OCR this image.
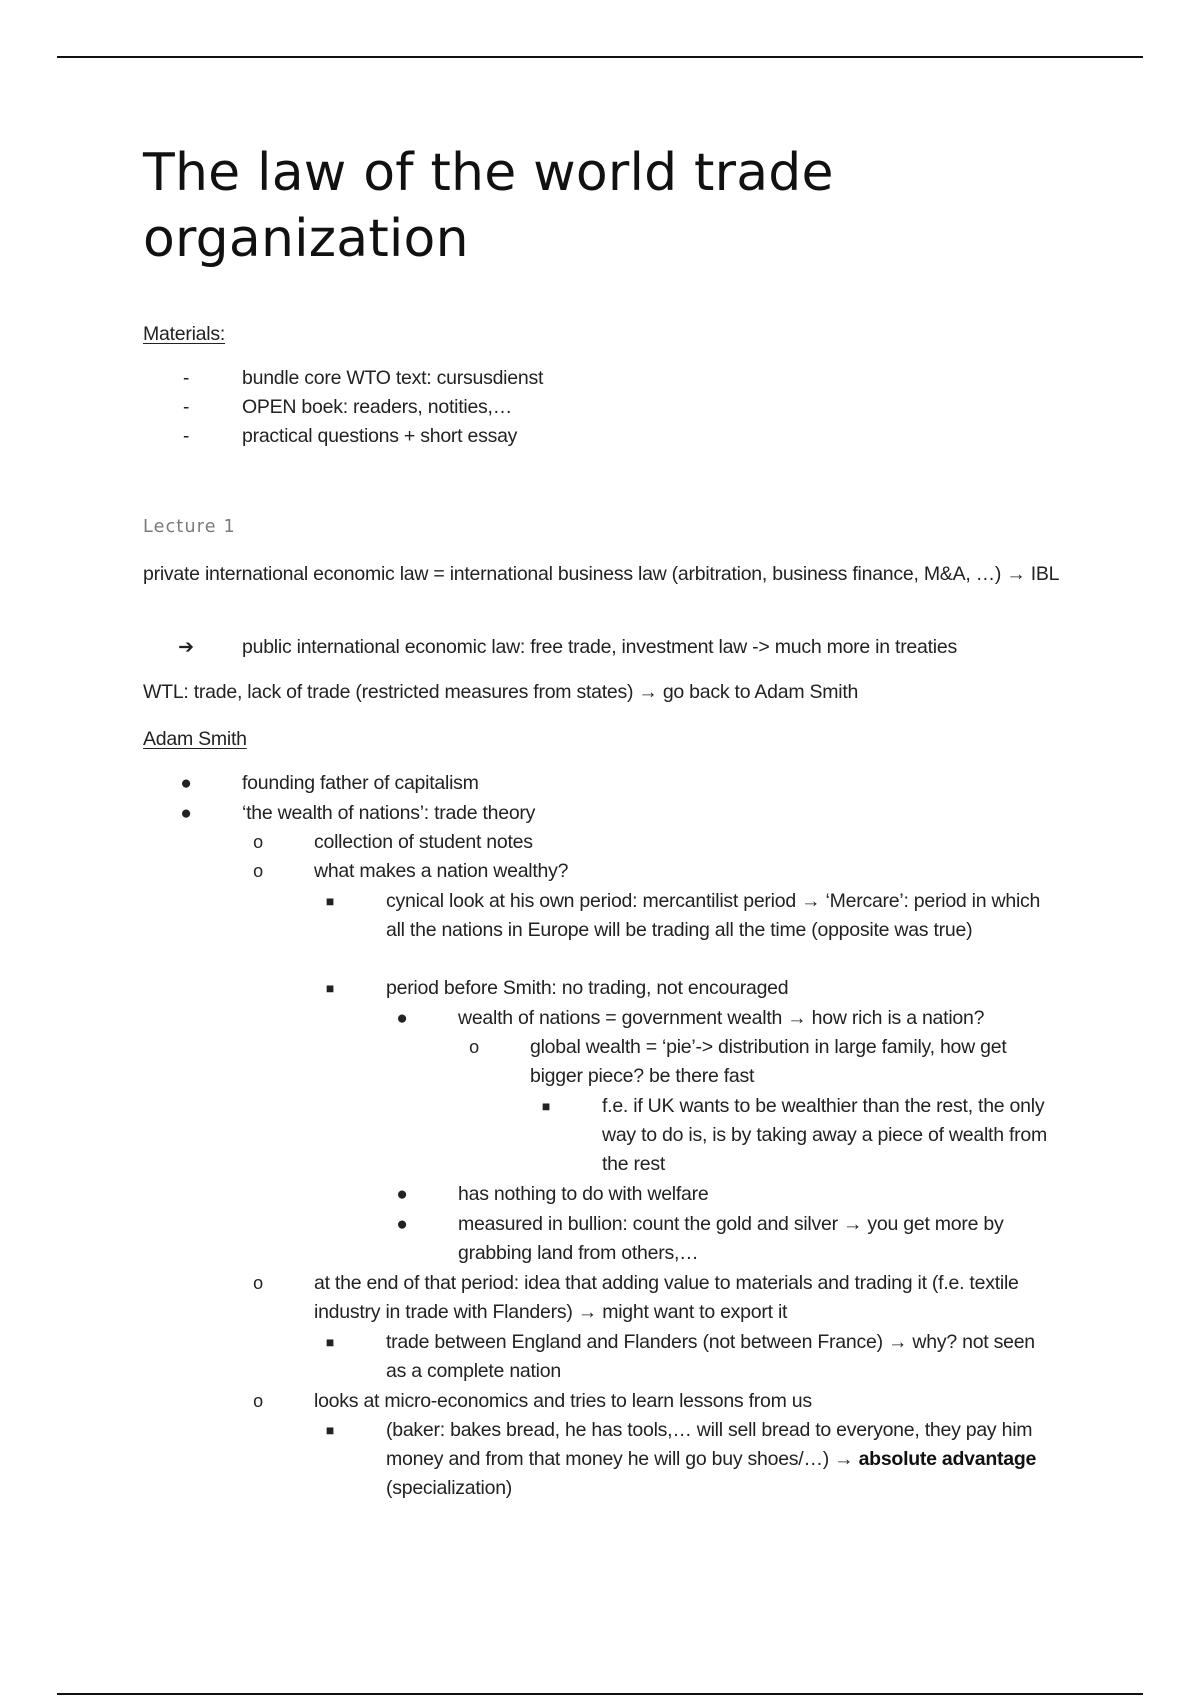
The law of the world trade
organization
Materials:
-	bundle core WTO text: cursusdienst
-	OPEN boek: readers, notities,…
-	practical questions + short essay
Lecture 1

private international economic law = international business law (arbitration, business finance, M&A, …) → IBL

➔	public international economic law: free trade, investment law -> much more in treaties

WTL: trade, lack of trade (restricted measures from states) → go back to Adam Smith

Adam Smith
●	founding father of capitalism
●	‘the wealth of nations’: trade theory
o	collection of student notes
o	what makes a nation wealthy?
■	cynical look at his own period: mercantilist period → ‘Mercare’: period in which all the nations in Europe will be trading all the time (opposite was true)
■	period before Smith: no trading, not encouraged
●	wealth of nations = government wealth → how rich is a nation?
o	global wealth = ‘pie’-> distribution in large family, how get bigger piece? be there fast
■	f.e. if UK wants to be wealthier than the rest, the only way to do is, is by taking away a piece of wealth from the rest
●	has nothing to do with welfare
●	measured in bullion: count the gold and silver → you get more by grabbing land from others,…
o	at the end of that period: idea that adding value to materials and trading it (f.e. textile industry in trade with Flanders) → might want to export it
■	trade between England and Flanders (not between France) → why? not seen as a complete nation
o	looks at micro-economics and tries to learn lessons from us
■	(baker: bakes bread, he has tools,… will sell bread to everyone, they pay him money and from that money he will go buy shoes/…) → absolute advantage (specialization)
